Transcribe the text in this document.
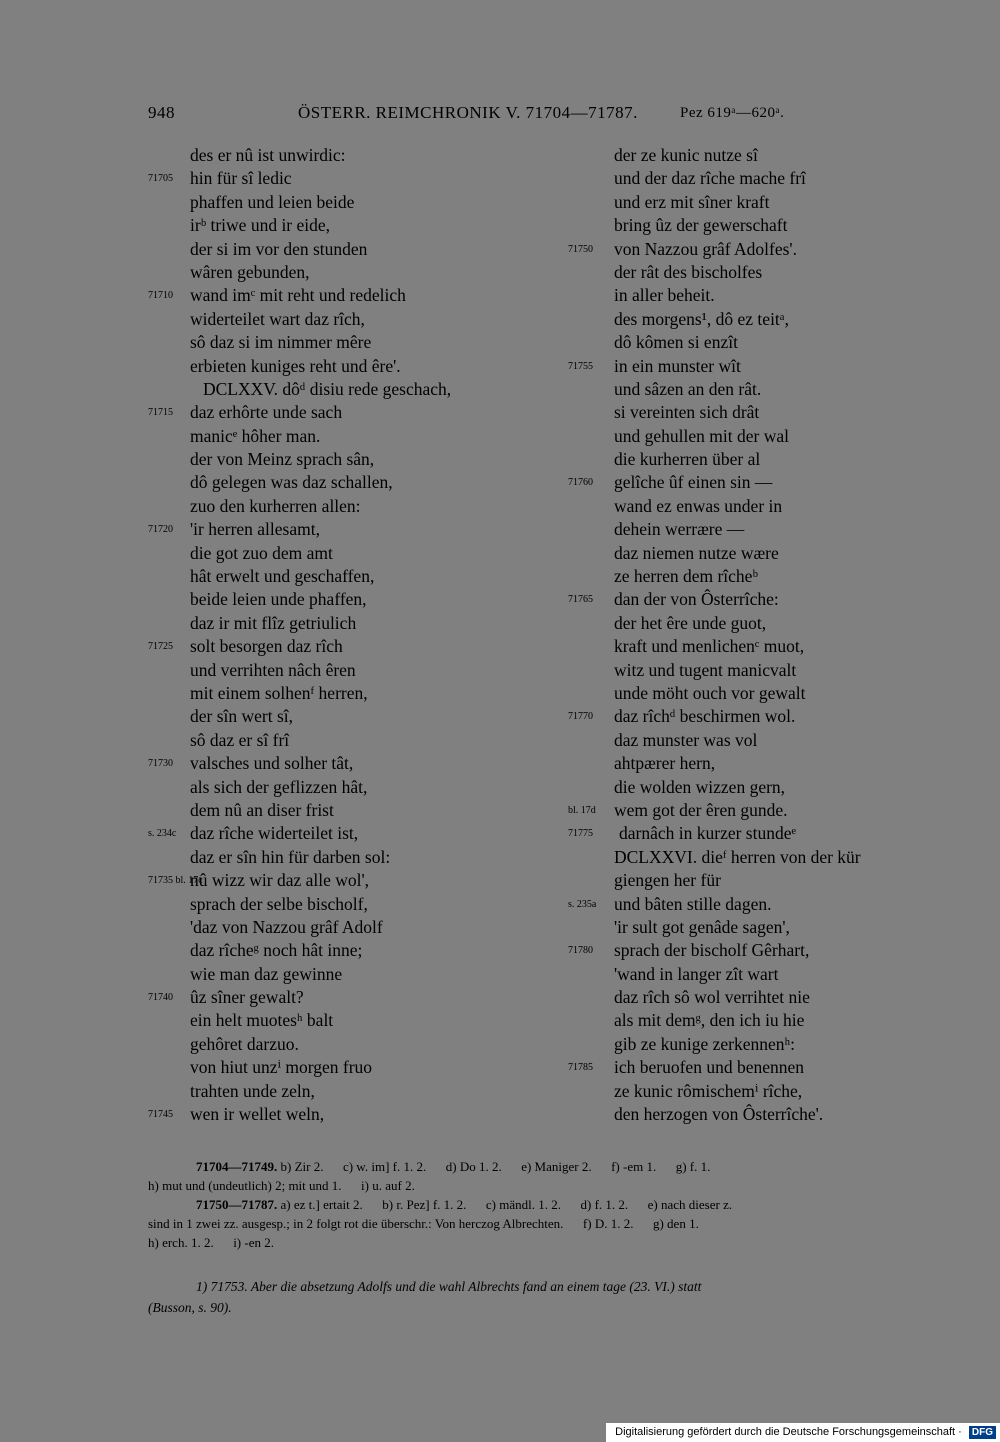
948	ÖSTERR. REIMCHRONIK V. 71704—71787.	Pez 619ᵃ—620ᵃ.
des er nû ist unwirdic:
71705 hin für sî ledic
phaffen und leien beide
irᵇ triwe und ir eide,
der si im vor den stunden
wâren gebunden,
71710 wand imᶜ mit reht und redelich
widerteilet wart daz rîch,
sô daz si im nimmer mêre
erbieten kuniges reht und êre'.
DCLXXV. dôᵈ disiu rede geschach,
71715 daz erhôrte unde sach
manicᵉ hôher man.
der von Meinz sprach sân,
dô gelegen was daz schallen,
zuo den kurherren allen:
71720 'ir herren allesamt,
die got zuo dem amt
hât erwelt und geschaffen,
beide leien unde phaffen,
daz ir mit flîz getriulich
71725 solt besorgen daz rîch
und verrihten nâch êren
mit einem solhenᶠ herren,
der sîn wert sî,
sô daz er sî frî
71730 valsches und solher tât,
als sich der geflizzen hât,
dem nû an diser frist
s. 234c daz rîche widerteilet ist,
daz er sîn hin für darben sol:
71735 bl. 17c
nû wizz wir daz alle wol',
sprach der selbe bischolf,
'daz von Nazzou grâf Adolf
daz rîcheᵍ noch hât inne;
wie man daz gewinne
71740 ûz sîner gewalt?
ein helt muotesʰ balt
gehôret darzuo.
von hiut unzⁱ morgen fruo
trahten unde zeln,
71745 wen ir wellet weln,
der ze kunic nutze sî
und der daz rîche mache frî
und erz mit sîner kraft
bring ûz der gewerschaft
71750	von Nazzou grâf Adolfes'.
der rât des bischolfes
in aller beheit.
des morgens¹, dô ez teitᵃ,
dô kômen si enzît
71755	in ein munster wît
und sâzen an den rât.
si vereinten sich drât
und gehullen mit der wal
die kurherren über al
71760	gelîche ûf einen sin —
wand ez enwas under in
dehein werrære —
daz niemen nutze wære
ze herren dem rîcheᵇ
71765	dan der von Ôsterrîche:
der het êre unde guot,
kraft und menlichenᶜ muot,
witz und tugent manicvalt
unde möht ouch vor gewalt
71770	daz rîchᵈ beschirmen wol.
daz munster was vol
ahtpærer hern,
die wolden wizzen gern,
bl. 17d	wem got der êren gunde.
71775	darnâch in kurzer stundeᵉ
DCLXXVI. dieᶠ herren von der kür
giengen her für
s. 235a	und bâten stille dagen.
'ir sult got genâde sagen',
71780	sprach der bischolf Gêrhart,
'wand in langer zît wart
daz rîch sô wol verrihtet nie
als mit demᵍ, den ich iu hie
gib ze kunige zerkennenʰ:
71785	ich beruofen und benennen
ze kunic rômischemⁱ rîche,
den herzogen von Ôsterrîche'.
71704—71749. b) Zir 2.      c) w. im] f. 1. 2.      d) Do 1. 2.      e) Maniger 2.      f) -em 1.      g) f. 1.
h) mut und (undeutlich) 2; mit und 1.      i) u. auf 2.
71750—71787. a) ez t.] ertait 2.      b) r. Pez] f. 1. 2.      c) mändl. 1. 2.      d) f. 1. 2.      e) nach dieser z.
sind in 1 zwei zz. ausgesp.; in 2 folgt rot die überschr.: Von herczog Albrechten.      f) D. 1. 2.      g) den 1.
h) erch. 1. 2.      i) -en 2.
1) 71753. Aber die absetzung Adolfs und die wahl Albrechts fand an einem tage (23. VI.) statt
(Busson, s. 90).
Digitalisierung gefördert durch die Deutsche Forschungsgemeinschaft · DFG
